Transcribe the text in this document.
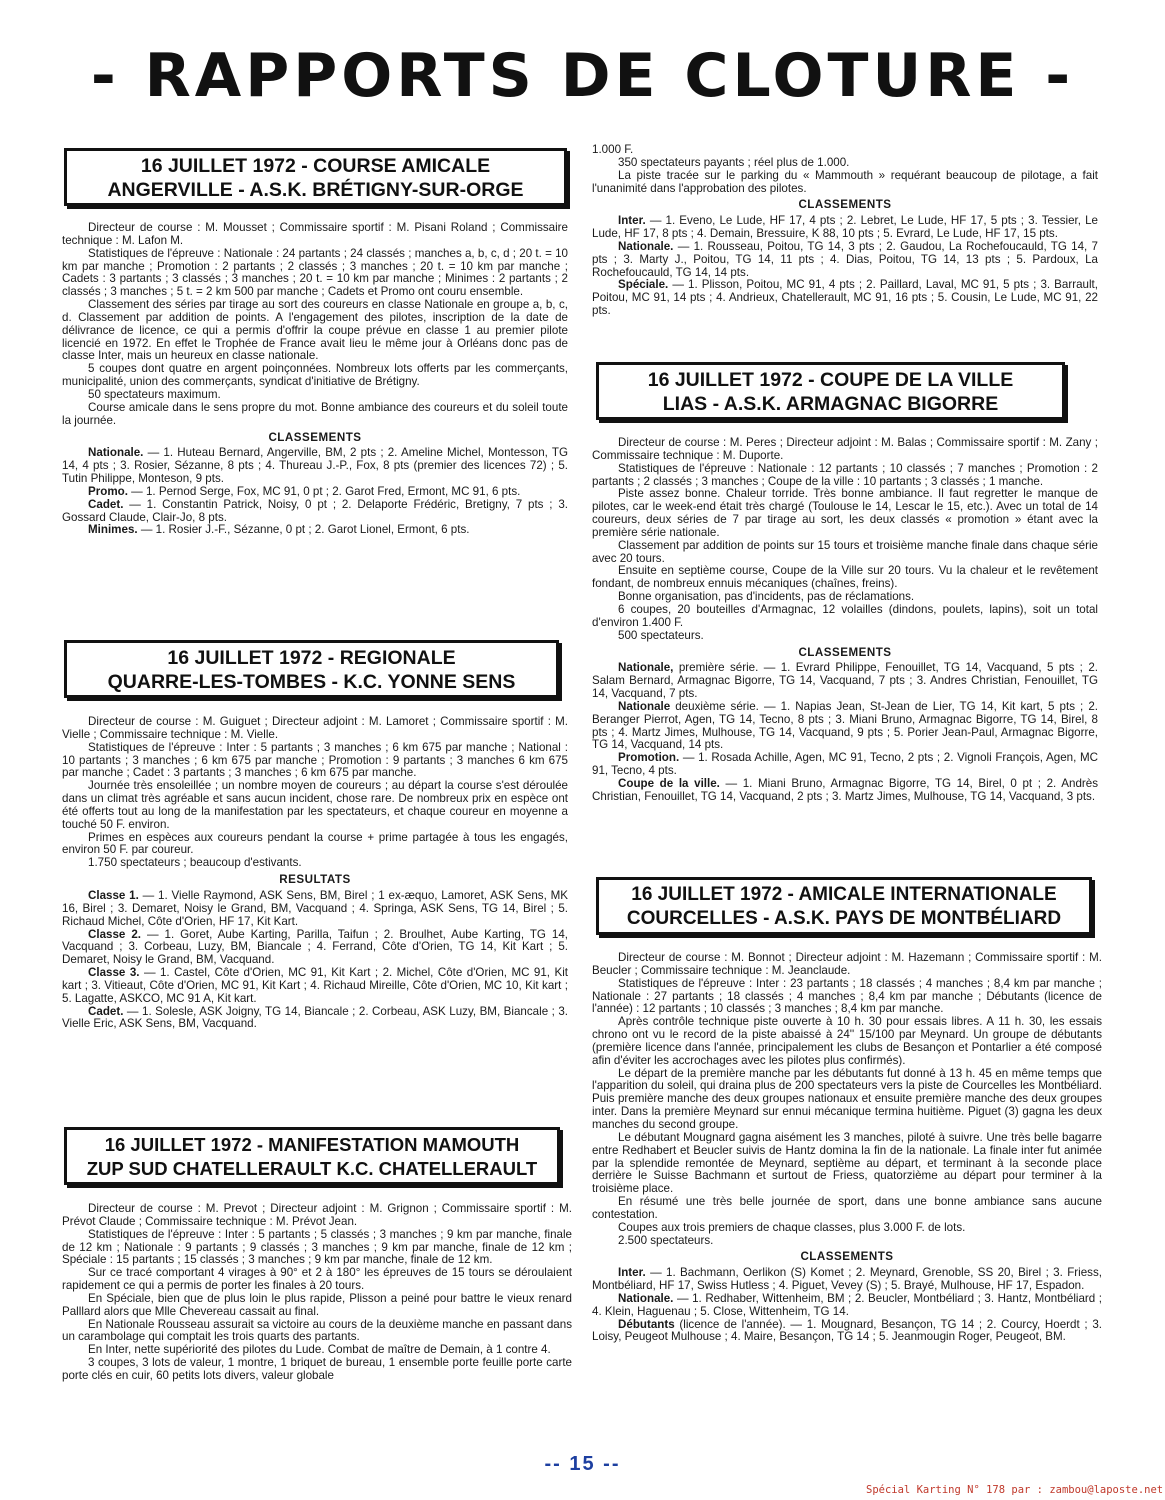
- RAPPORTS DE CLOTURE -
16 JUILLET 1972 - COURSE AMICALE
ANGERVILLE - A.S.K. BRÉTIGNY-SUR-ORGE

Directeur de course : M. Mousset ; Commissaire sportif : M. Pisani Roland ; Commissaire technique : M. Lafon M.

Statistiques de l'épreuve : Nationale : 24 partants ; 24 classés ; manches a, b, c, d ; 20 t. = 10 km par manche ; Promotion : 2 partants ; 2 classés ; 3 manches ; 20 t. = 10 km par manche ; Cadets : 3 partants ; 3 classés ; 3 manches ; 20 t. = 10 km par manche ; Minimes : 2 partants ; 2 classés ; 3 manches ; 5 t. = 2 km 500 par manche ; Cadets et Promo ont couru ensemble.

Classement des séries par tirage au sort des coureurs en classe Nationale en groupe a, b, c, d. Classement par addition de points. A l'engagement des pilotes, inscription de la date de délivrance de licence, ce qui a permis d'offrir la coupe prévue en classe 1 au premier pilote licencié en 1972. En effet le Trophée de France avait lieu le même jour à Orléans donc pas de classe Inter, mais un heureux en classe nationale.

5 coupes dont quatre en argent poinçonnées. Nombreux lots offerts par les commerçants, municipalité, union des commerçants, syndicat d'initiative de Brétigny.

50 spectateurs maximum.

Course amicale dans le sens propre du mot. Bonne ambiance des coureurs et du soleil toute la journée.

CLASSEMENTS

Nationale. — 1. Huteau Bernard, Angerville, BM, 2 pts ; 2. Ameline Michel, Montesson, TG 14, 4 pts ; 3. Rosier, Sézanne, 8 pts ; 4. Thureau J.-P., Fox, 8 pts (premier des licences 72) ; 5. Tutin Philippe, Monteson, 9 pts.

Promo. — 1. Pernod Serge, Fox, MC 91, 0 pt ; 2. Garot Fred, Ermont, MC 91, 6 pts.

Cadet. — 1. Constantin Patrick, Noisy, 0 pt ; 2. Delaporte Frédéric, Bretigny, 7 pts ; 3. Gossard Claude, Clair-Jo, 8 pts.

Minimes. — 1. Rosier J.-F., Sézanne, 0 pt ; 2. Garot Lionel, Ermont, 6 pts.

16 JUILLET 1972 - REGIONALE
QUARRE-LES-TOMBES - K.C. YONNE SENS

Directeur de course : M. Guiguet ; Directeur adjoint : M. Lamoret ; Commissaire sportif : M. Vielle ; Commissaire technique : M. Vielle.

Statistiques de l'épreuve : Inter : 5 partants ; 3 manches ; 6 km 675 par manche ; National : 10 partants ; 3 manches ; 6 km 675 par manche ; Promotion : 9 partants ; 3 manches 6 km 675 par manche ; Cadet : 3 partants ; 3 manches ; 6 km 675 par manche.

Journée très ensoleillée ; un nombre moyen de coureurs ; au départ la course s'est déroulée dans un climat très agréable et sans aucun incident, chose rare. De nombreux prix en espèce ont été offerts tout au long de la manifestation par les spectateurs, et chaque coureur en moyenne a touché 50 F. environ.

Primes en espèces aux coureurs pendant la course + prime partagée à tous les engagés, environ 50 F. par coureur.

1.750 spectateurs ; beaucoup d'estivants.

RESULTATS

Classe 1. — 1. Vielle Raymond, ASK Sens, BM, Birel ; 1 ex-æquo, Lamoret, ASK Sens, MK 16, Birel ; 3. Demaret, Noisy le Grand, BM, Vacquand ; 4. Springa, ASK Sens, TG 14, Birel ; 5. Richaud Michel, Côte d'Orien, HF 17, Kit Kart.

Classe 2. — 1. Goret, Aube Karting, Parilla, Taifun ; 2. Broulhet, Aube Karting, TG 14, Vacquand ; 3. Corbeau, Luzy, BM, Biancale ; 4. Ferrand, Côte d'Orien, TG 14, Kit Kart ; 5. Demaret, Noisy le Grand, BM, Vacquand.

Classe 3. — 1. Castel, Côte d'Orien, MC 91, Kit Kart ; 2. Michel, Côte d'Orien, MC 91, Kit kart ; 3. Vitieaut, Côte d'Orien, MC 91, Kit Kart ; 4. Richaud Mireille, Côte d'Orien, MC 10, Kit kart ; 5. Lagatte, ASKCO, MC 91 A, Kit kart.

Cadet. — 1. Solesle, ASK Joigny, TG 14, Biancale ; 2. Corbeau, ASK Luzy, BM, Biancale ; 3. Vielle Eric, ASK Sens, BM, Vacquand.

16 JUILLET 1972 - MANIFESTATION MAMOUTH
ZUP SUD CHATELLERAULT K.C. CHATELLERAULT

Directeur de course : M. Prevot ; Directeur adjoint : M. Grignon ; Commissaire sportif : M. Prévot Claude ; Commissaire technique : M. Prévot Jean.

Statistiques de l'épreuve : Inter : 5 partants ; 5 classés ; 3 manches ; 9 km par manche, finale de 12 km ; Nationale : 9 partants ; 9 classés ; 3 manches ; 9 km par manche, finale de 12 km ; Spéciale : 15 partants ; 15 classés ; 3 manches ; 9 km par manche, finale de 12 km.

Sur ce tracé comportant 4 virages à 90° et 2 à 180° les épreuves de 15 tours se déroulaient rapidement ce qui a permis de porter les finales à 20 tours.

En Spéciale, bien que de plus loin le plus rapide, Plisson a peiné pour battre le vieux renard Palllard alors que Mlle Chevereau cassait au final.

En Nationale Rousseau assurait sa victoire au cours de la deuxième manche en passant dans un carambolage qui comptait les trois quarts des partants.

En Inter, nette supériorité des pilotes du Lude. Combat de maître de Demain, à 1 contre 4.

3 coupes, 3 lots de valeur, 1 montre, 1 briquet de bureau, 1 ensemble porte feuille porte carte porte clés en cuir, 60 petits lots divers, valeur globale

1.000 F.

350 spectateurs payants ; réel plus de 1.000.

La piste tracée sur le parking du « Mammouth » requérant beaucoup de pilotage, a fait l'unanimité dans l'approbation des pilotes.

CLASSEMENTS

Inter. — 1. Eveno, Le Lude, HF 17, 4 pts ; 2. Lebret, Le Lude, HF 17, 5 pts ; 3. Tessier, Le Lude, HF 17, 8 pts ; 4. Demain, Bressuire, K 88, 10 pts ; 5. Evrard, Le Lude, HF 17, 15 pts.

Nationale. — 1. Rousseau, Poitou, TG 14, 3 pts ; 2. Gaudou, La Rochefoucauld, TG 14, 7 pts ; 3. Marty J., Poitou, TG 14, 11 pts ; 4. Dias, Poitou, TG 14, 13 pts ; 5. Pardoux, La Rochefoucauld, TG 14, 14 pts.

Spéciale. — 1. Plisson, Poitou, MC 91, 4 pts ; 2. Paillard, Laval, MC 91, 5 pts ; 3. Barrault, Poitou, MC 91, 14 pts ; 4. Andrieux, Chatellerault, MC 91, 16 pts ; 5. Cousin, Le Lude, MC 91, 22 pts.

16 JUILLET 1972 - COUPE DE LA VILLE
LIAS - A.S.K. ARMAGNAC BIGORRE

Directeur de course : M. Peres ; Directeur adjoint : M. Balas ; Commissaire sportif : M. Zany ; Commissaire technique : M. Duporte.

Statistiques de l'épreuve : Nationale : 12 partants ; 10 classés ; 7 manches ; Promotion : 2 partants ; 2 classés ; 3 manches ; Coupe de la ville : 10 partants ; 3 classés ; 1 manche.

Piste assez bonne. Chaleur torride. Très bonne ambiance. Il faut regretter le manque de pilotes, car le week-end était très chargé (Toulouse le 14, Lescar le 15, etc.). Avec un total de 14 coureurs, deux séries de 7 par tirage au sort, les deux classés « promotion » étant avec la première série nationale.

Classement par addition de points sur 15 tours et troisième manche finale dans chaque série avec 20 tours.

Ensuite en septième course, Coupe de la Ville sur 20 tours. Vu la chaleur et le revêtement fondant, de nombreux ennuis mécaniques (chaînes, freins).

Bonne organisation, pas d'incidents, pas de réclamations.

6 coupes, 20 bouteilles d'Armagnac, 12 volailles (dindons, poulets, lapins), soit un total d'environ 1.400 F.

500 spectateurs.

CLASSEMENTS

Nationale, première série. — 1. Evrard Philippe, Fenouillet, TG 14, Vacquand, 5 pts ; 2. Salam Bernard, Armagnac Bigorre, TG 14, Vacquand, 7 pts ; 3. Andres Christian, Fenouillet, TG 14, Vacquand, 7 pts.

Nationale deuxième série. — 1. Napias Jean, St-Jean de Lier, TG 14, Kit kart, 5 pts ; 2. Beranger Pierrot, Agen, TG 14, Tecno, 8 pts ; 3. Miani Bruno, Armagnac Bigorre, TG 14, Birel, 8 pts ; 4. Martz Jimes, Mulhouse, TG 14, Vacquand, 9 pts ; 5. Porier Jean-Paul, Armagnac Bigorre, TG 14, Vacquand, 14 pts.

Promotion. — 1. Rosada Achille, Agen, MC 91, Tecno, 2 pts ; 2. Vignoli François, Agen, MC 91, Tecno, 4 pts.

Coupe de la ville. — 1. Miani Bruno, Armagnac Bigorre, TG 14, Birel, 0 pt ; 2. Andrès Christian, Fenouillet, TG 14, Vacquand, 2 pts ; 3. Martz Jimes, Mulhouse, TG 14, Vacquand, 3 pts.

16 JUILLET 1972 - AMICALE INTERNATIONALE
COURCELLES - A.S.K. PAYS DE MONTBÉLIARD

Directeur de course : M. Bonnot ; Directeur adjoint : M. Hazemann ; Commissaire sportif : M. Beucler ; Commissaire technique : M. Jeanclaude.

Statistiques de l'épreuve : Inter : 23 partants ; 18 classés ; 4 manches ; 8,4 km par manche ; Nationale : 27 partants ; 18 classés ; 4 manches ; 8,4 km par manche ; Débutants (licence de l'année) : 12 partants ; 10 classés ; 3 manches ; 8,4 km par manche.

Après contrôle technique piste ouverte à 10 h. 30 pour essais libres. A 11 h. 30, les essais chrono ont vu le record de la piste abaissé à 24'' 15/100 par Meynard. Un groupe de débutants (première licence dans l'année, principalement les clubs de Besançon et Pontarlier a été composé afin d'éviter les accrochages avec les pilotes plus confirmés).

Le départ de la première manche par les débutants fut donné à 13 h. 45 en même temps que l'apparition du soleil, qui draina plus de 200 spectateurs vers la piste de Courcelles les Montbéliard. Puis première manche des deux groupes nationaux et ensuite première manche des deux groupes inter. Dans la première Meynard sur ennui mécanique termina huitième. Piguet (3) gagna les deux manches du second groupe.

Le débutant Mougnard gagna aisément les 3 manches, piloté à suivre. Une très belle bagarre entre Redhabert et Beucler suivis de Hantz domina la fin de la nationale. La finale inter fut animée par la splendide remontée de Meynard, septième au départ, et terminant à la seconde place derrière le Suisse Bachmann et surtout de Friess, quatorzième au départ pour terminer à la troisième place.

En résumé une très belle journée de sport, dans une bonne ambiance sans aucune contestation.

Coupes aux trois premiers de chaque classes, plus 3.000 F. de lots.

2.500 spectateurs.

CLASSEMENTS

Inter. — 1. Bachmann, Oerlikon (S) Komet ; 2. Meynard, Grenoble, SS 20, Birel ; 3. Friess, Montbéliard, HF 17, Swiss Hutless ; 4. Piguet, Vevey (S) ; 5. Brayé, Mulhouse, HF 17, Espadon.

Nationale. — 1. Redhaber, Wittenheim, BM ; 2. Beucler, Montbéliard ; 3. Hantz, Montbéliard ; 4. Klein, Haguenau ; 5. Close, Wittenheim, TG 14.

Débutants (licence de l'année). — 1. Mougnard, Besançon, TG 14 ; 2. Courcy, Hoerdt ; 3. Loisy, Peugeot Mulhouse ; 4. Maire, Besançon, TG 14 ; 5. Jeanmougin Roger, Peugeot, BM.

-- 15 --
Spécial Karting N° 178 par : zambou@laposte.net
